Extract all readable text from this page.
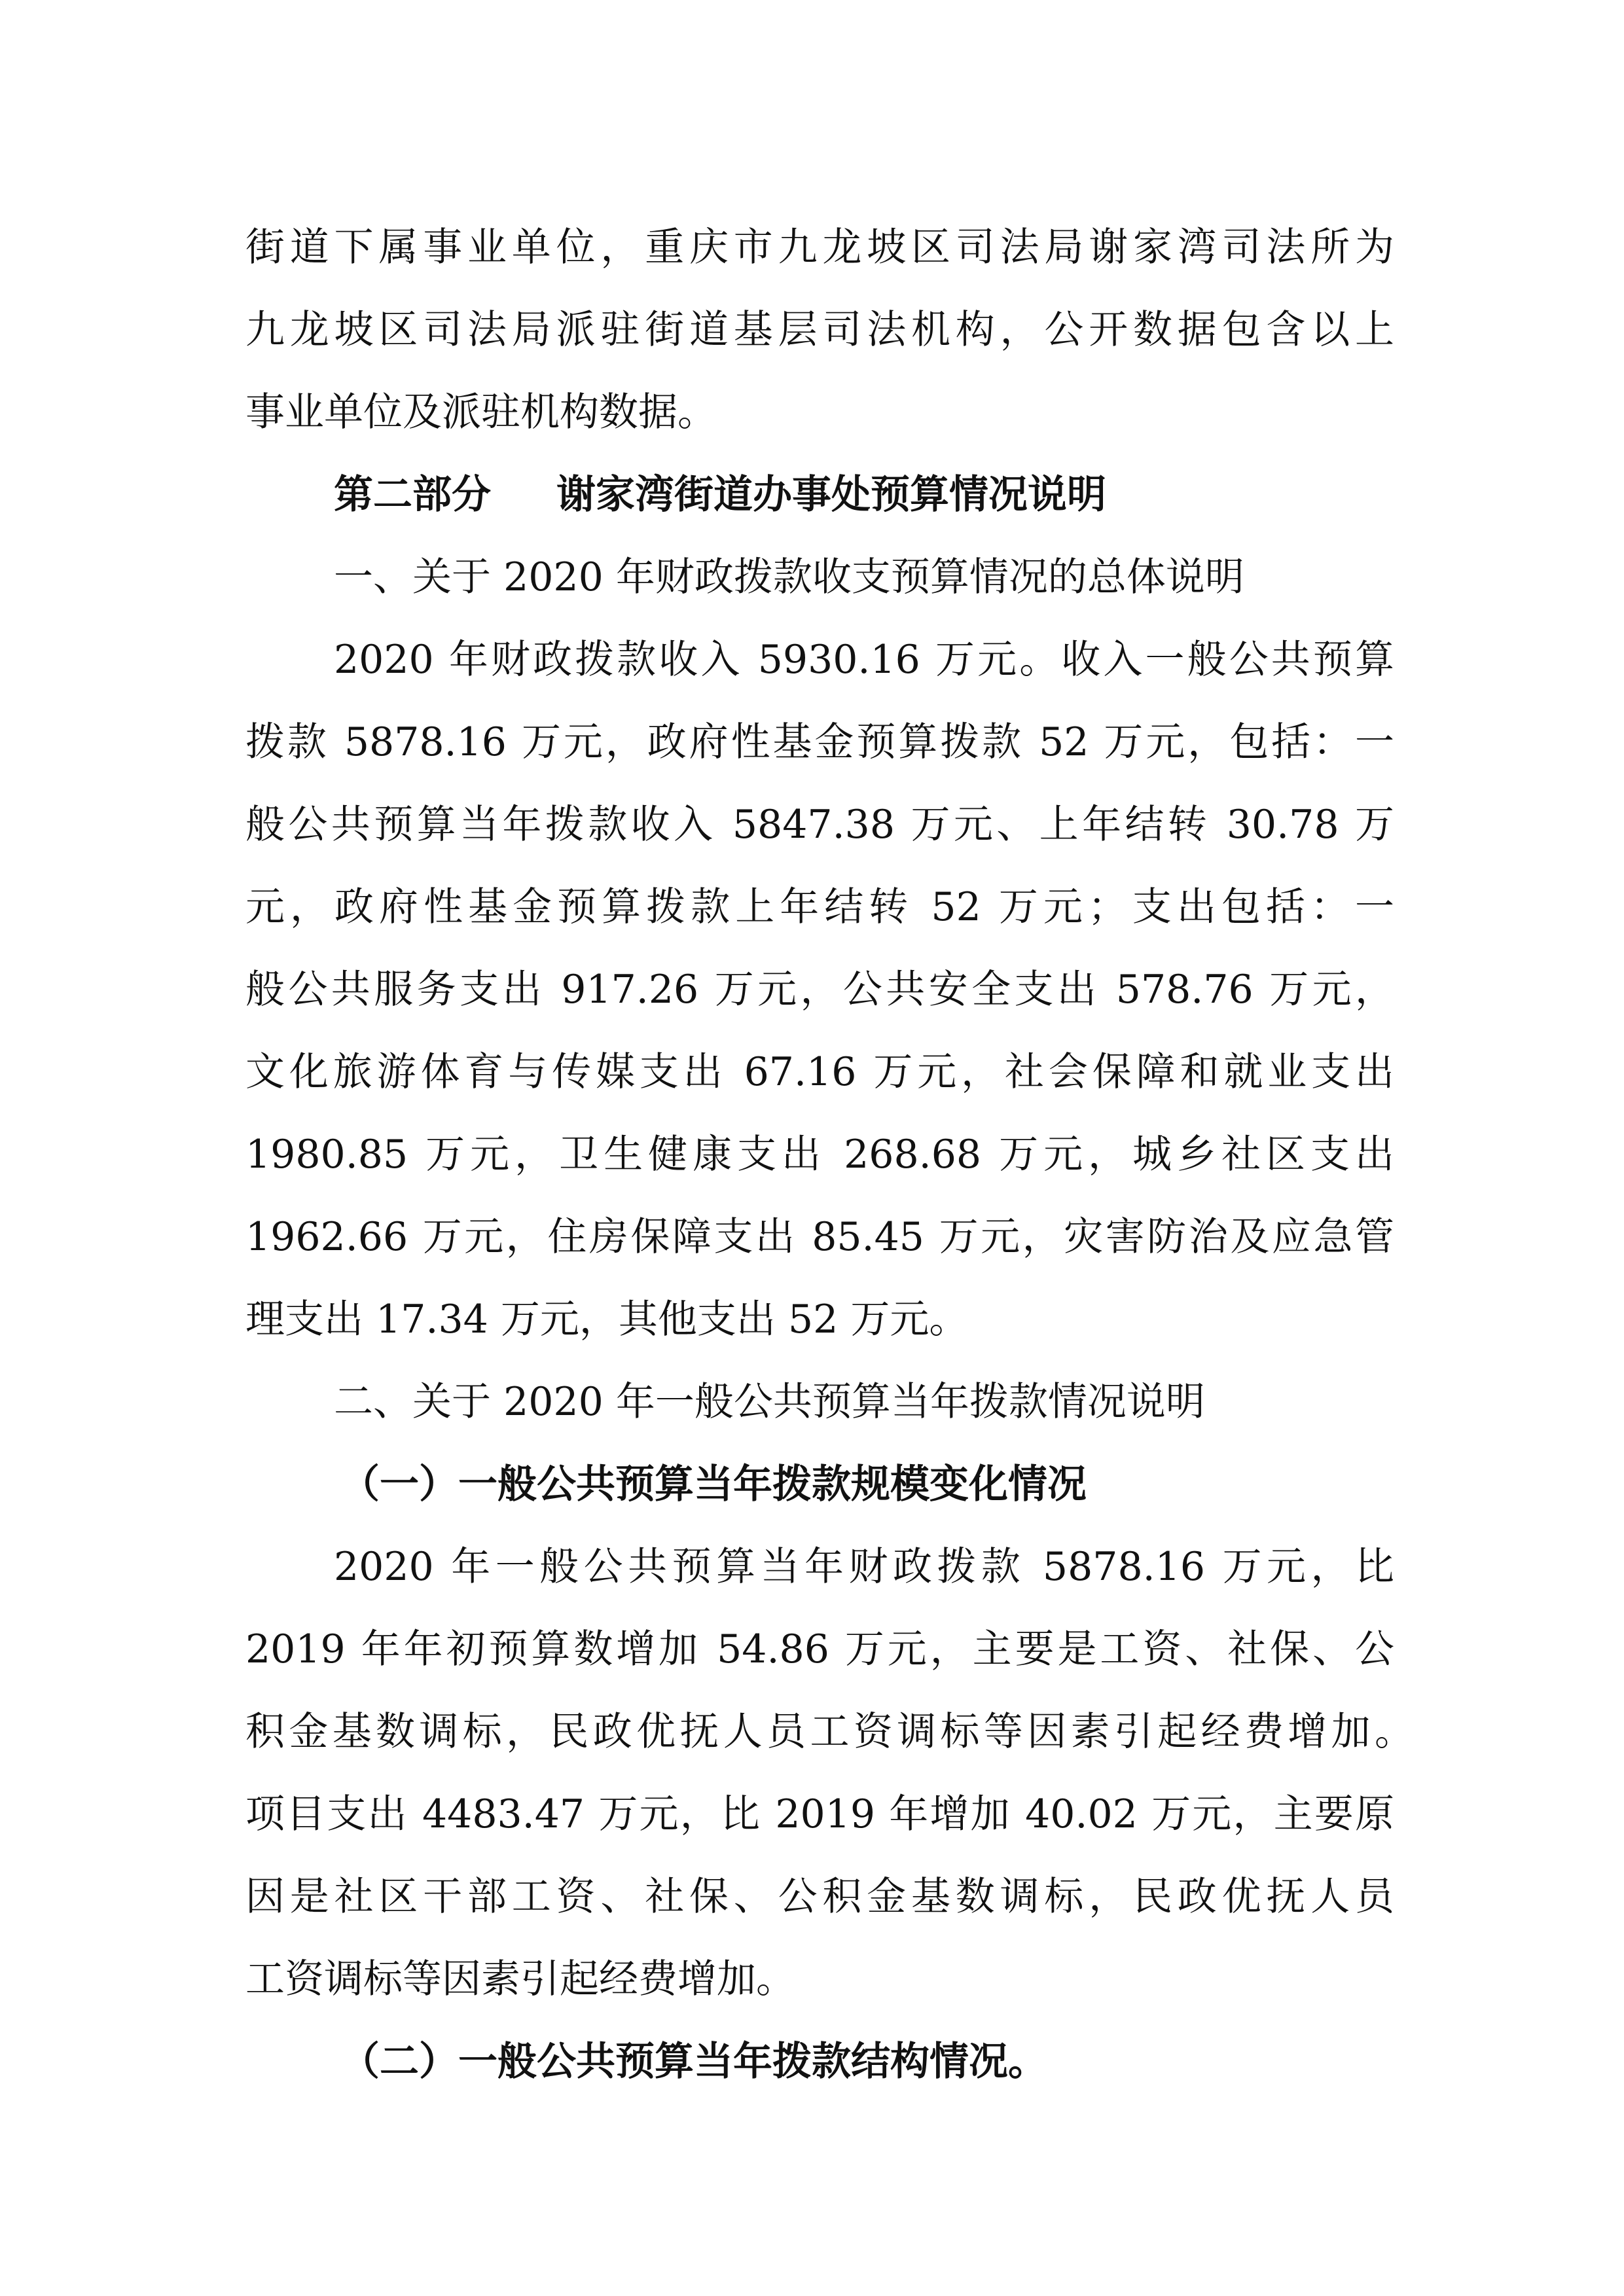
街道下属事业单位，重庆市九龙坡区司法局谢家湾司法所为

九龙坡区司法局派驻街道基层司法机构，公开数据包含以上

事业单位及派驻机构数据。

第二部分 谢家湾街道办事处预算情况说明

一、关于 2020 年财政拨款收支预算情况的总体说明

2020 年财政拨款收入 5930.16 万元。收入一般公共预算

拨款 5878.16 万元，政府性基金预算拨款 52 万元，包括：一

般公共预算当年拨款收入 5847.38 万元、上年结转 30.78 万

元，政府性基金预算拨款上年结转 52 万元；支出包括：一

般公共服务支出 917.26 万元，公共安全支出 578.76 万元，

文化旅游体育与传媒支出 67.16 万元，社会保障和就业支出

1980.85 万元，卫生健康支出 268.68 万元，城乡社区支出

1962.66 万元，住房保障支出 85.45 万元，灾害防治及应急管

理支出 17.34 万元，其他支出 52 万元。

二、关于 2020 年一般公共预算当年拨款情况说明

（一）一般公共预算当年拨款规模变化情况

2020 年一般公共预算当年财政拨款 5878.16 万元，比

2019 年年初预算数增加 54.86 万元，主要是工资、社保、公

积金基数调标，民政优抚人员工资调标等因素引起经费增加。

项目支出 4483.47 万元，比 2019 年增加 40.02 万元，主要原

因是社区干部工资、社保、公积金基数调标，民政优抚人员

工资调标等因素引起经费增加。

（二）一般公共预算当年拨款结构情况。
